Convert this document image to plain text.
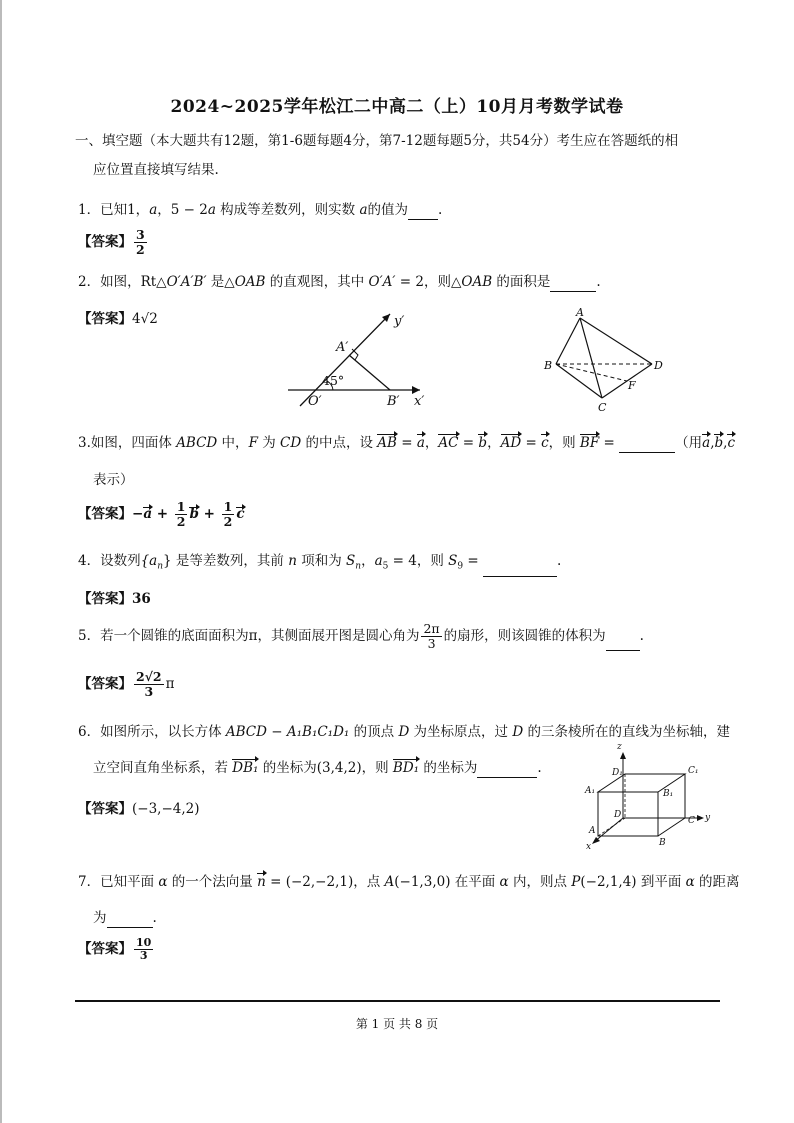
2024~2025学年松江二中高二（上）10月月考数学试卷
一、填空题（本大题共有12题，第1-6题每题4分，第7-12题每题5分，共54分）考生应在答题纸的相
应位置直接填写结果.
1．已知1，a，5 − 2a 构成等差数列，则实数 a的值为 .
【答案】 $\frac{3}{2}$
2．如图，Rt△O′A′B′ 是△OAB 的直观图，其中 O′A′ = 2，则△OAB 的面积是	.
【答案】4√2	y′
x′
A′
O′	B′
45°
A
B
C
D
F
3.如图，四面体 ABCD 中，F 为 CD 的中点，设 AB = a，AC = b，AD = c，则 BF =	（用a,b,c
表示）
【答案】$-a + \frac{1}{2}$ $b + \frac{1}{2}$ c
4．设数列$\{a_n\}$ 是等差数列，其前 n 项和为 $S_n$，$a_5 = 4$，则 $S_9$ =	.
【答案】36
5．若一个圆锥的底面面积为π，其侧面展开图是圆心角为 $\frac{2\pi}{3}$ 的扇形，则该圆锥的体积为	.
【答案】 $\frac{2√2}{3}$ π
6．如图所示，以长方体 ABCD − A₁B₁C₁D₁ 的顶点 D 为坐标原点，过 D 的三条棱所在的直线为坐标轴，建
立空间直角坐标系，若 DB₁ 的坐标为(3,4,2)，则 BD₁ 的坐标为	.
【答案】(−3,−4,2)
z
y
x
A₁	B₁
C₁
D₁
A
B
C
D
7．已知平面 α 的一个法向量 n = (−2,−2,1)，点 A(−1,3,0) 在平面 α 内，则点 P(−2,1,4) 到平面 α 的距离
为	.
【答案】 $\frac{10}{3}$
第 1 页 共 8 页
